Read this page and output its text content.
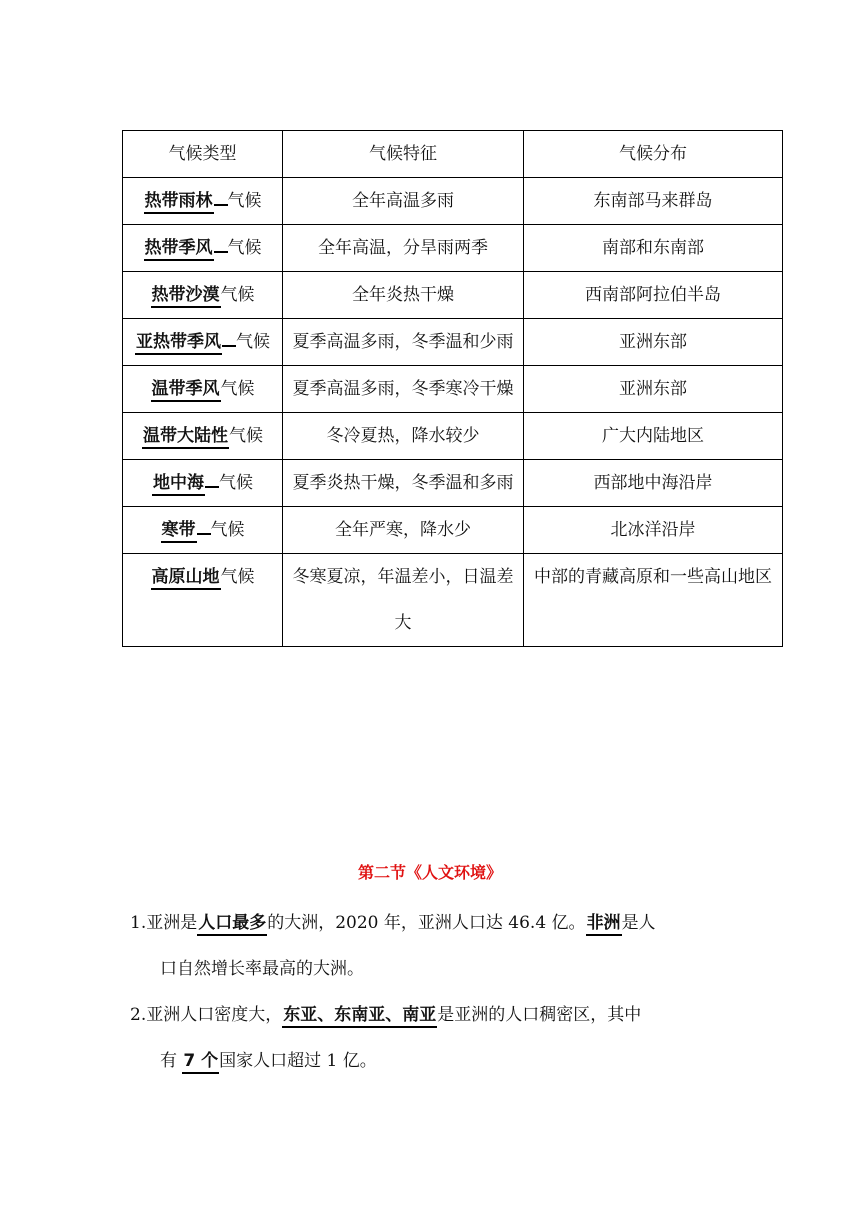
气候类型	气候特征	气候分布
热带雨林 气候	全年高温多雨	东南部马来群岛
热带季风 气候	全年高温，分旱雨两季	南部和东南部
热带沙漠气候	全年炎热干燥	西南部阿拉伯半岛
亚热带季风 气候	夏季高温多雨，冬季温和少雨	亚洲东部
温带季风气候	夏季高温多雨，冬季寒冷干燥	亚洲东部
温带大陆性气候	冬冷夏热，降水较少	广大内陆地区
地中海 气候	夏季炎热干燥，冬季温和多雨	西部地中海沿岸
寒带 气候	全年严寒，降水少	北冰洋沿岸
高原山地气候	冬寒夏凉，年温差小，日温差大	中部的青藏高原和一些高山地区
第二节《人文环境》
1.亚洲是人口最多的大洲，2020 年，亚洲人口达 46.4 亿。非洲是人
口自然增长率最高的大洲。
2.亚洲人口密度大，东亚、东南亚、南亚是亚洲的人口稠密区，其中
有 7 个国家人口超过 1 亿。
